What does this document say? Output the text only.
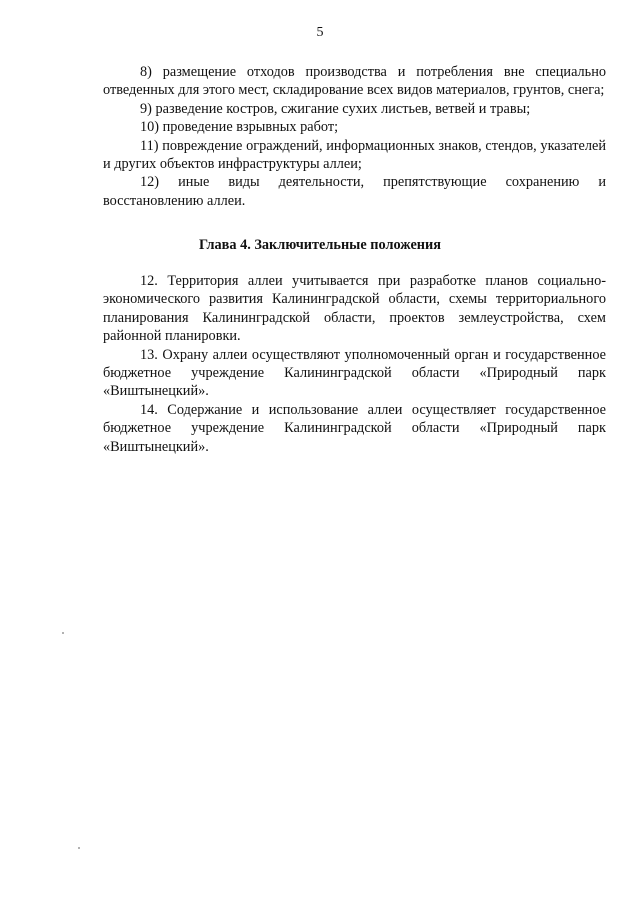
5

8) размещение отходов производства и потребления вне специально отведенных для этого мест, складирование всех видов материалов, грунтов, снега;

9) разведение костров, сжигание сухих листьев, ветвей и травы;

10) проведение взрывных работ;

11) повреждение ограждений, информационных знаков, стендов, указателей и других объектов инфраструктуры аллеи;

12) иные виды деятельности, препятствующие сохранению и восстановлению аллеи.

Глава 4. Заключительные положения

12. Территория аллеи учитывается при разработке планов социально-экономического развития Калининградской области, схемы территориального планирования Калининградской области, проектов землеустройства, схем районной планировки.

13. Охрану аллеи осуществляют уполномоченный орган и государственное бюджетное учреждение Калининградской области «Природный парк «Виштынецкий».

14. Содержание и использование аллеи осуществляет государственное бюджетное учреждение Калининградской области «Природный парк «Виштынецкий».
